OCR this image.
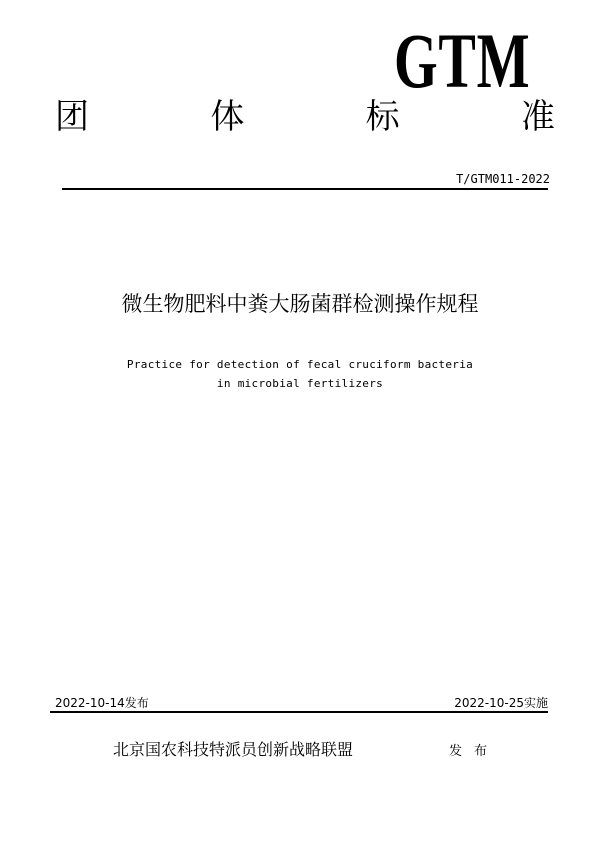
GTM
团	体	标	准
T/GTM011-2022
微生物肥料中粪大肠菌群检测操作规程
Practice for detection of fecal cruciform bacteria
in microbial fertilizers
2022-10-14发布	2022-10-25实施
北京国农科技特派员创新战略联盟	发布
